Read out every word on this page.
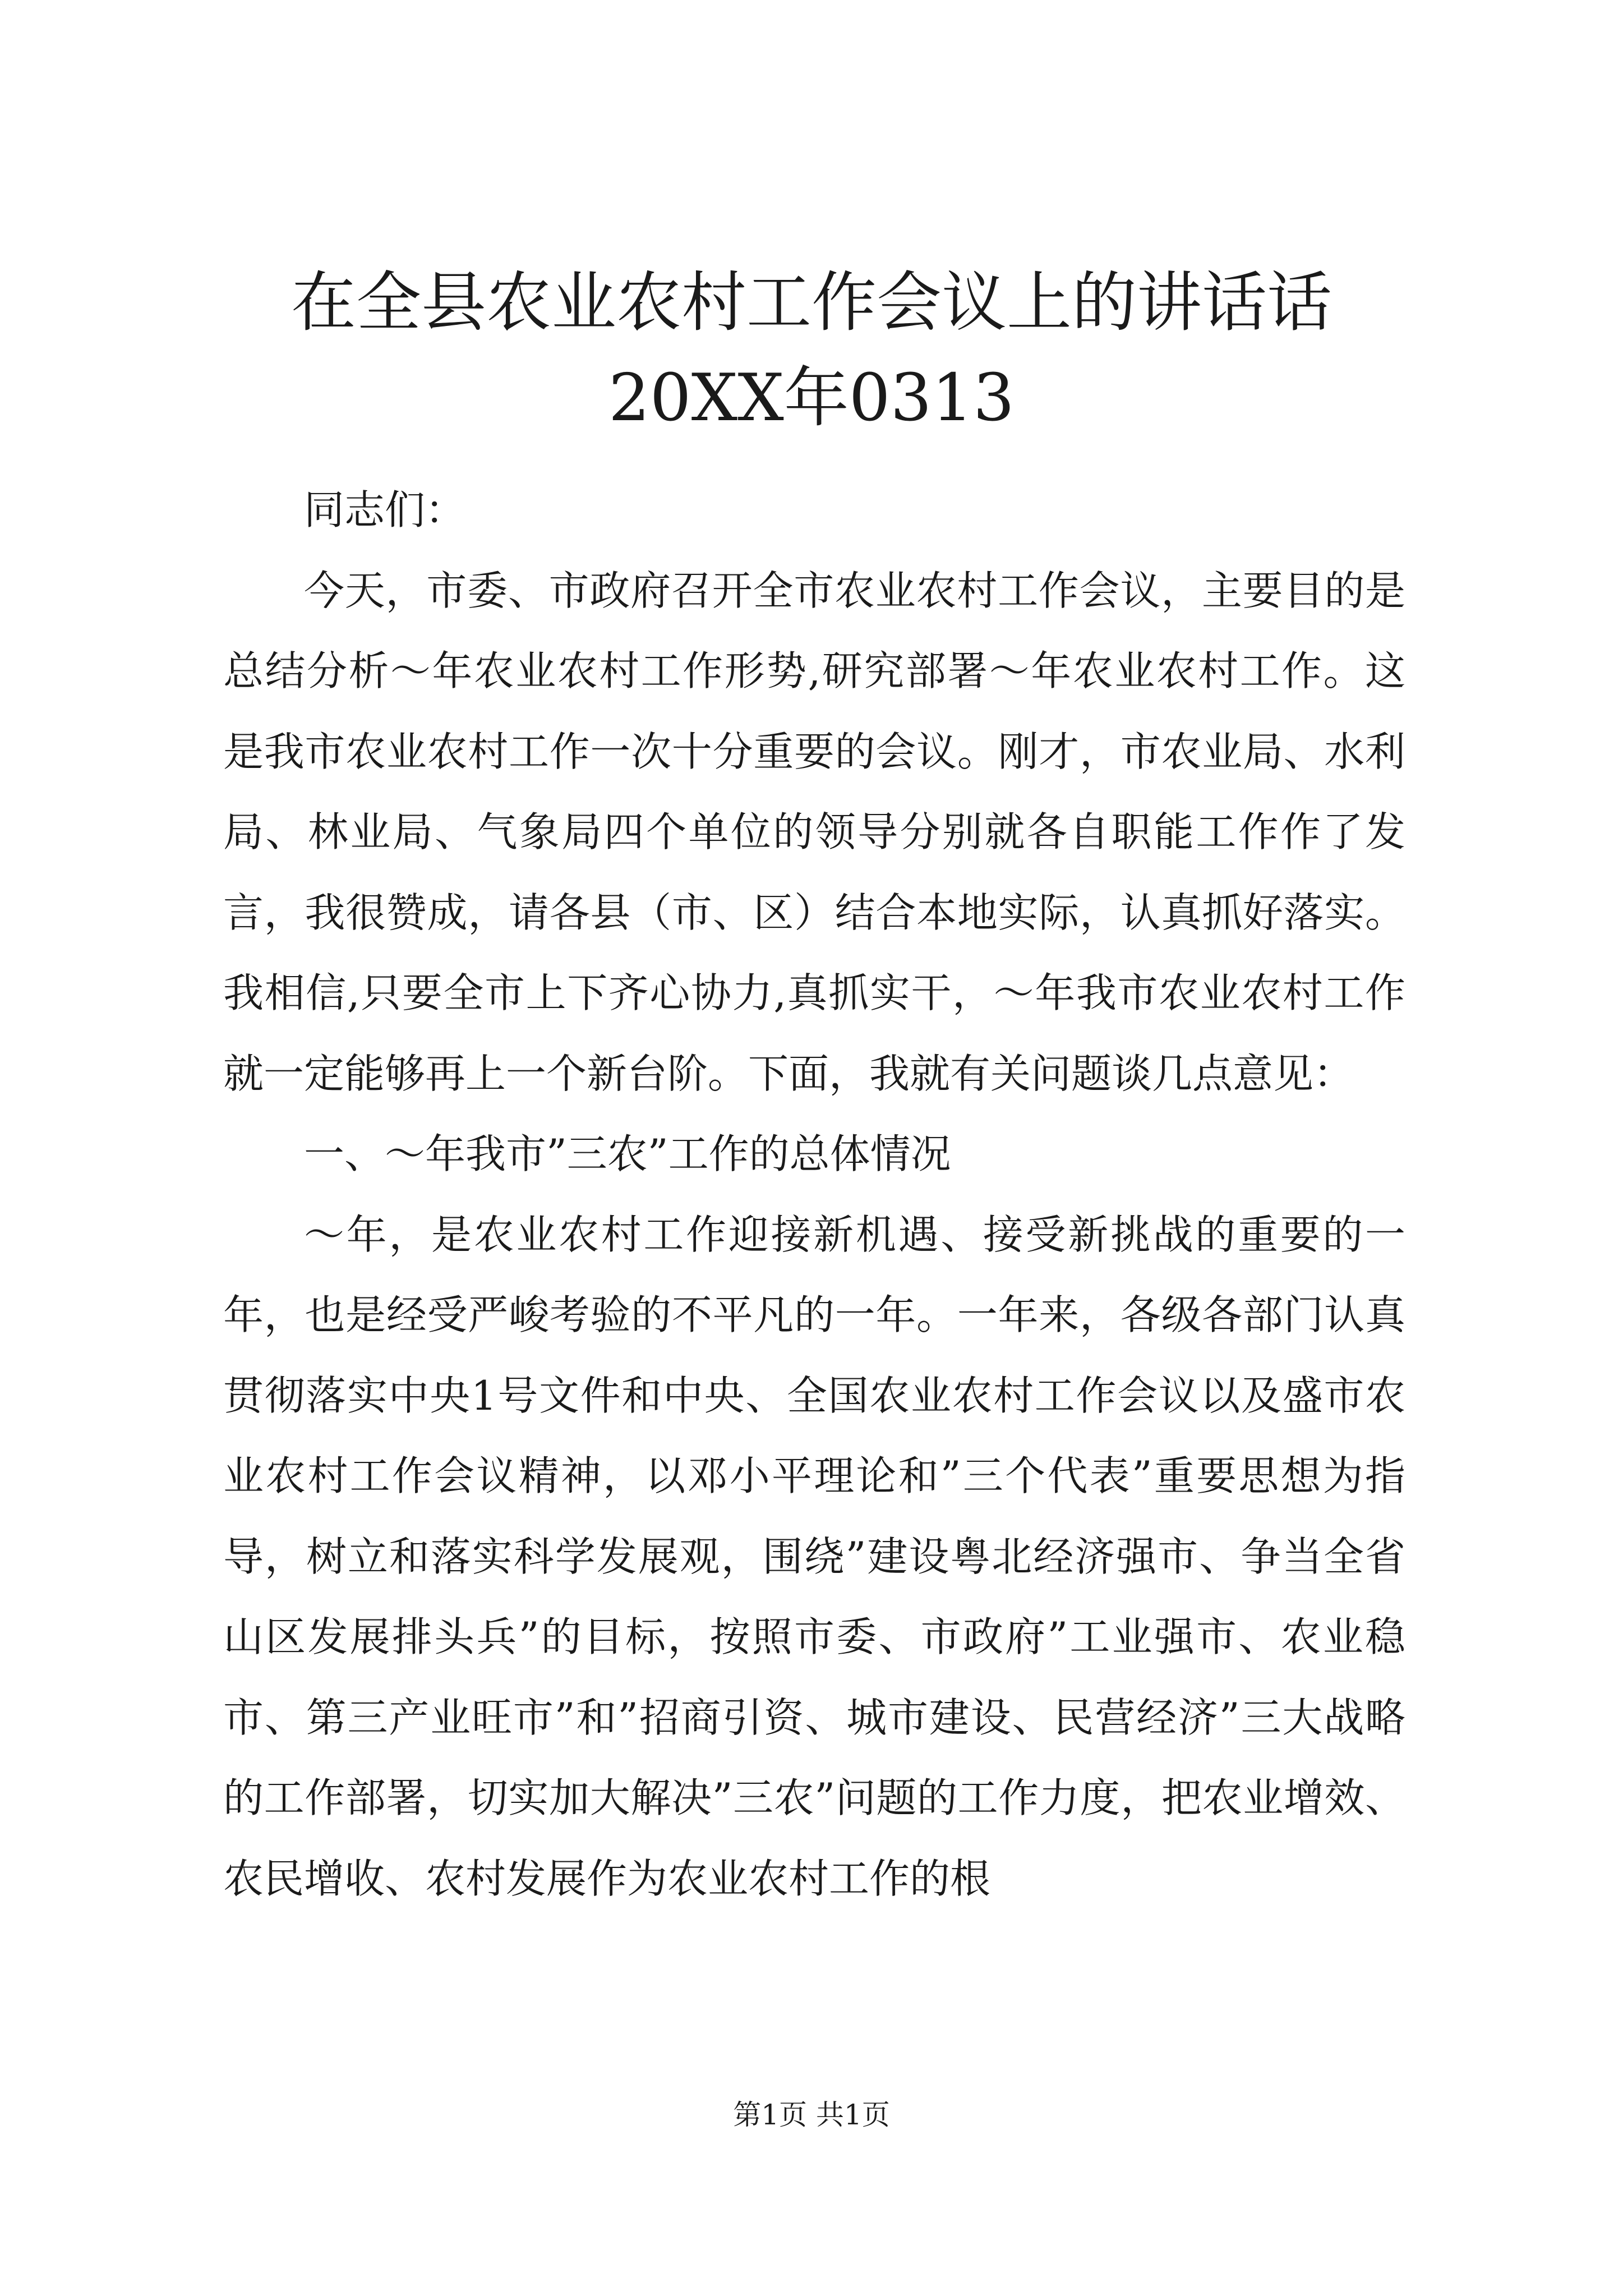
在全县农业农村工作会议上的讲话话20XX年0313

同志们：

今天，市委、市政府召开全市农业农村工作会议，主要目的是总结分析～年农业农村工作形势,研究部署～年农业农村工作。这是我市农业农村工作一次十分重要的会议。刚才，市农业局、水利局、林业局、气象局四个单位的领导分别就各自职能工作作了发言，我很赞成，请各县（市、区）结合本地实际，认真抓好落实。我相信,只要全市上下齐心协力,真抓实干，～年我市农业农村工作就一定能够再上一个新台阶。下面，我就有关问题谈几点意见：

一、～年我市”三农”工作的总体情况

～年，是农业农村工作迎接新机遇、接受新挑战的重要的一年，也是经受严峻考验的不平凡的一年。一年来，各级各部门认真贯彻落实中央1号文件和中央、全国农业农村工作会议以及盛市农业农村工作会议精神，以邓小平理论和”三个代表”重要思想为指导，树立和落实科学发展观，围绕”建设粤北经济强市、争当全省山区发展排头兵”的目标，按照市委、市政府”工业强市、农业稳市、第三产业旺市”和”招商引资、城市建设、民营经济”三大战略的工作部署，切实加大解决”三农”问题的工作力度，把农业增效、农民增收、农村发展作为农业农村工作的根

第1页 共1页
